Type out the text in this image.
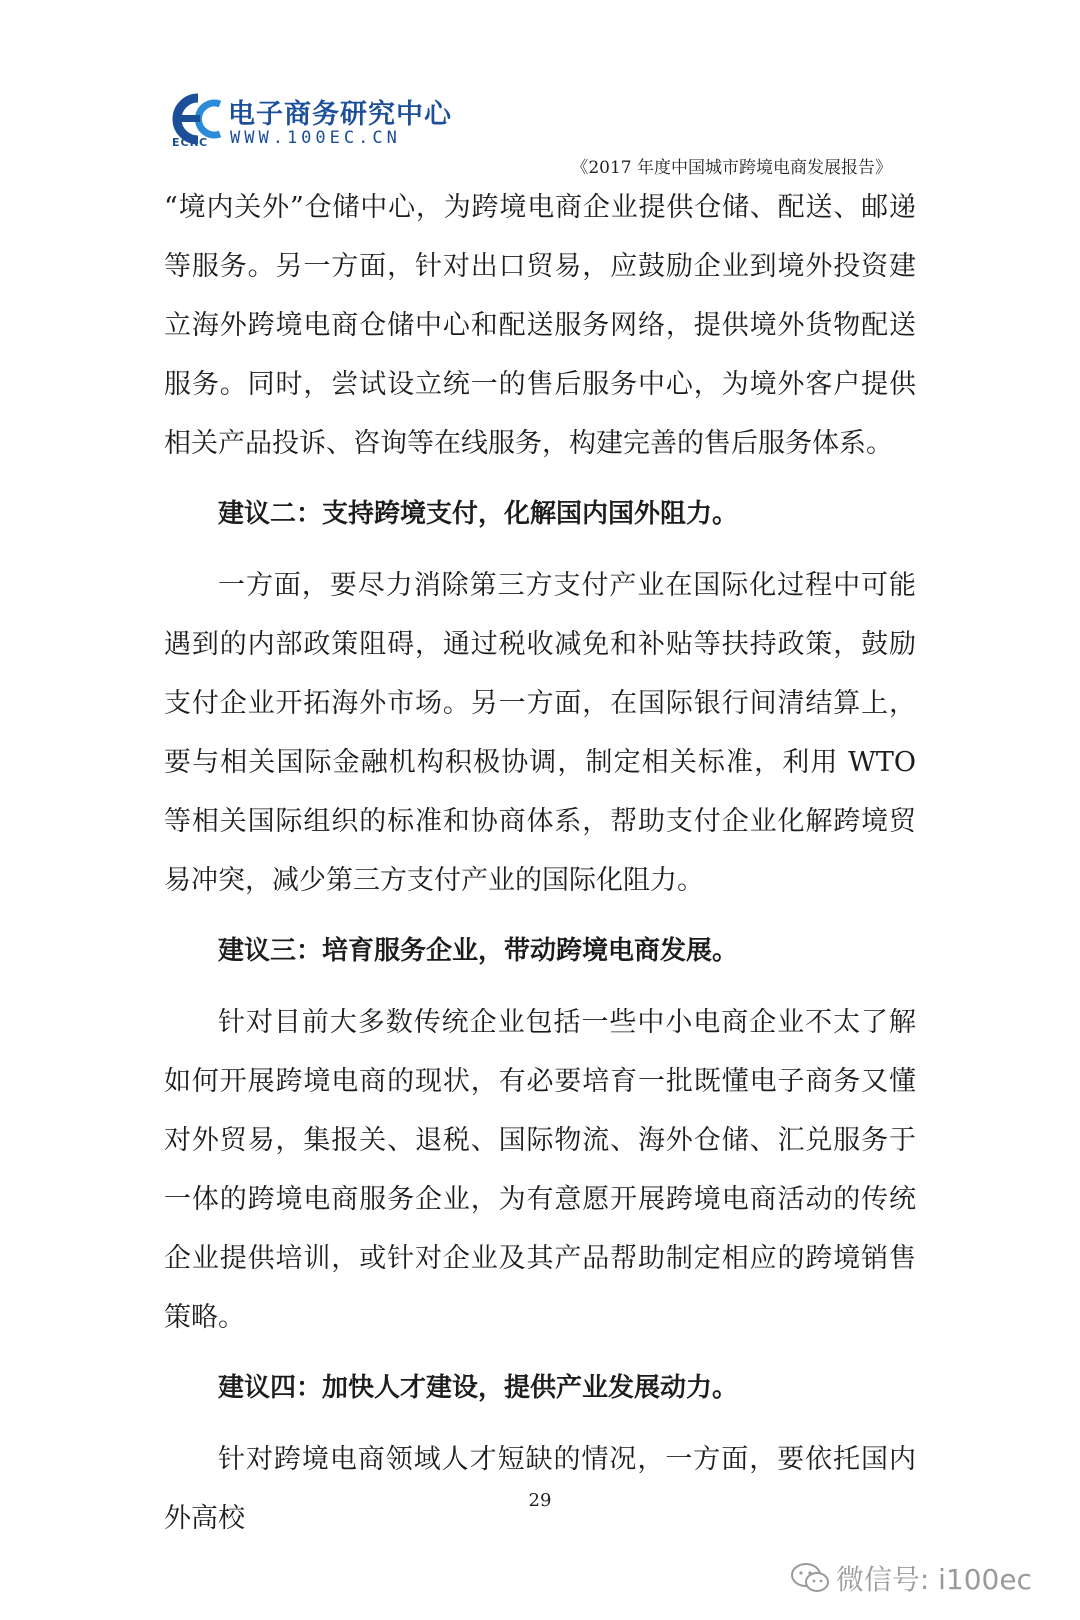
电子商务研究中心
WWW.100EC.CN
ECRC
《2017 年度中国城市跨境电商发展报告》

“境内关外”仓储中心，为跨境电商企业提供仓储、配送、邮递等服务。另一方面，针对出口贸易，应鼓励企业到境外投资建立海外跨境电商仓储中心和配送服务网络，提供境外货物配送服务。同时，尝试设立统一的售后服务中心，为境外客户提供相关产品投诉、咨询等在线服务，构建完善的售后服务体系。

建议二：支持跨境支付，化解国内国外阻力。

一方面，要尽力消除第三方支付产业在国际化过程中可能遇到的内部政策阻碍，通过税收减免和补贴等扶持政策，鼓励支付企业开拓海外市场。另一方面，在国际银行间清结算上，要与相关国际金融机构积极协调，制定相关标准，利用 WTO 等相关国际组织的标准和协商体系，帮助支付企业化解跨境贸易冲突，减少第三方支付产业的国际化阻力。

建议三：培育服务企业，带动跨境电商发展。

针对目前大多数传统企业包括一些中小电商企业不太了解如何开展跨境电商的现状，有必要培育一批既懂电子商务又懂对外贸易，集报关、退税、国际物流、海外仓储、汇兑服务于一体的跨境电商服务企业，为有意愿开展跨境电商活动的传统企业提供培训，或针对企业及其产品帮助制定相应的跨境销售策略。

建议四：加快人才建设，提供产业发展动力。

针对跨境电商领域人才短缺的情况，一方面，要依托国内外高校

29
微信号: i100ec
